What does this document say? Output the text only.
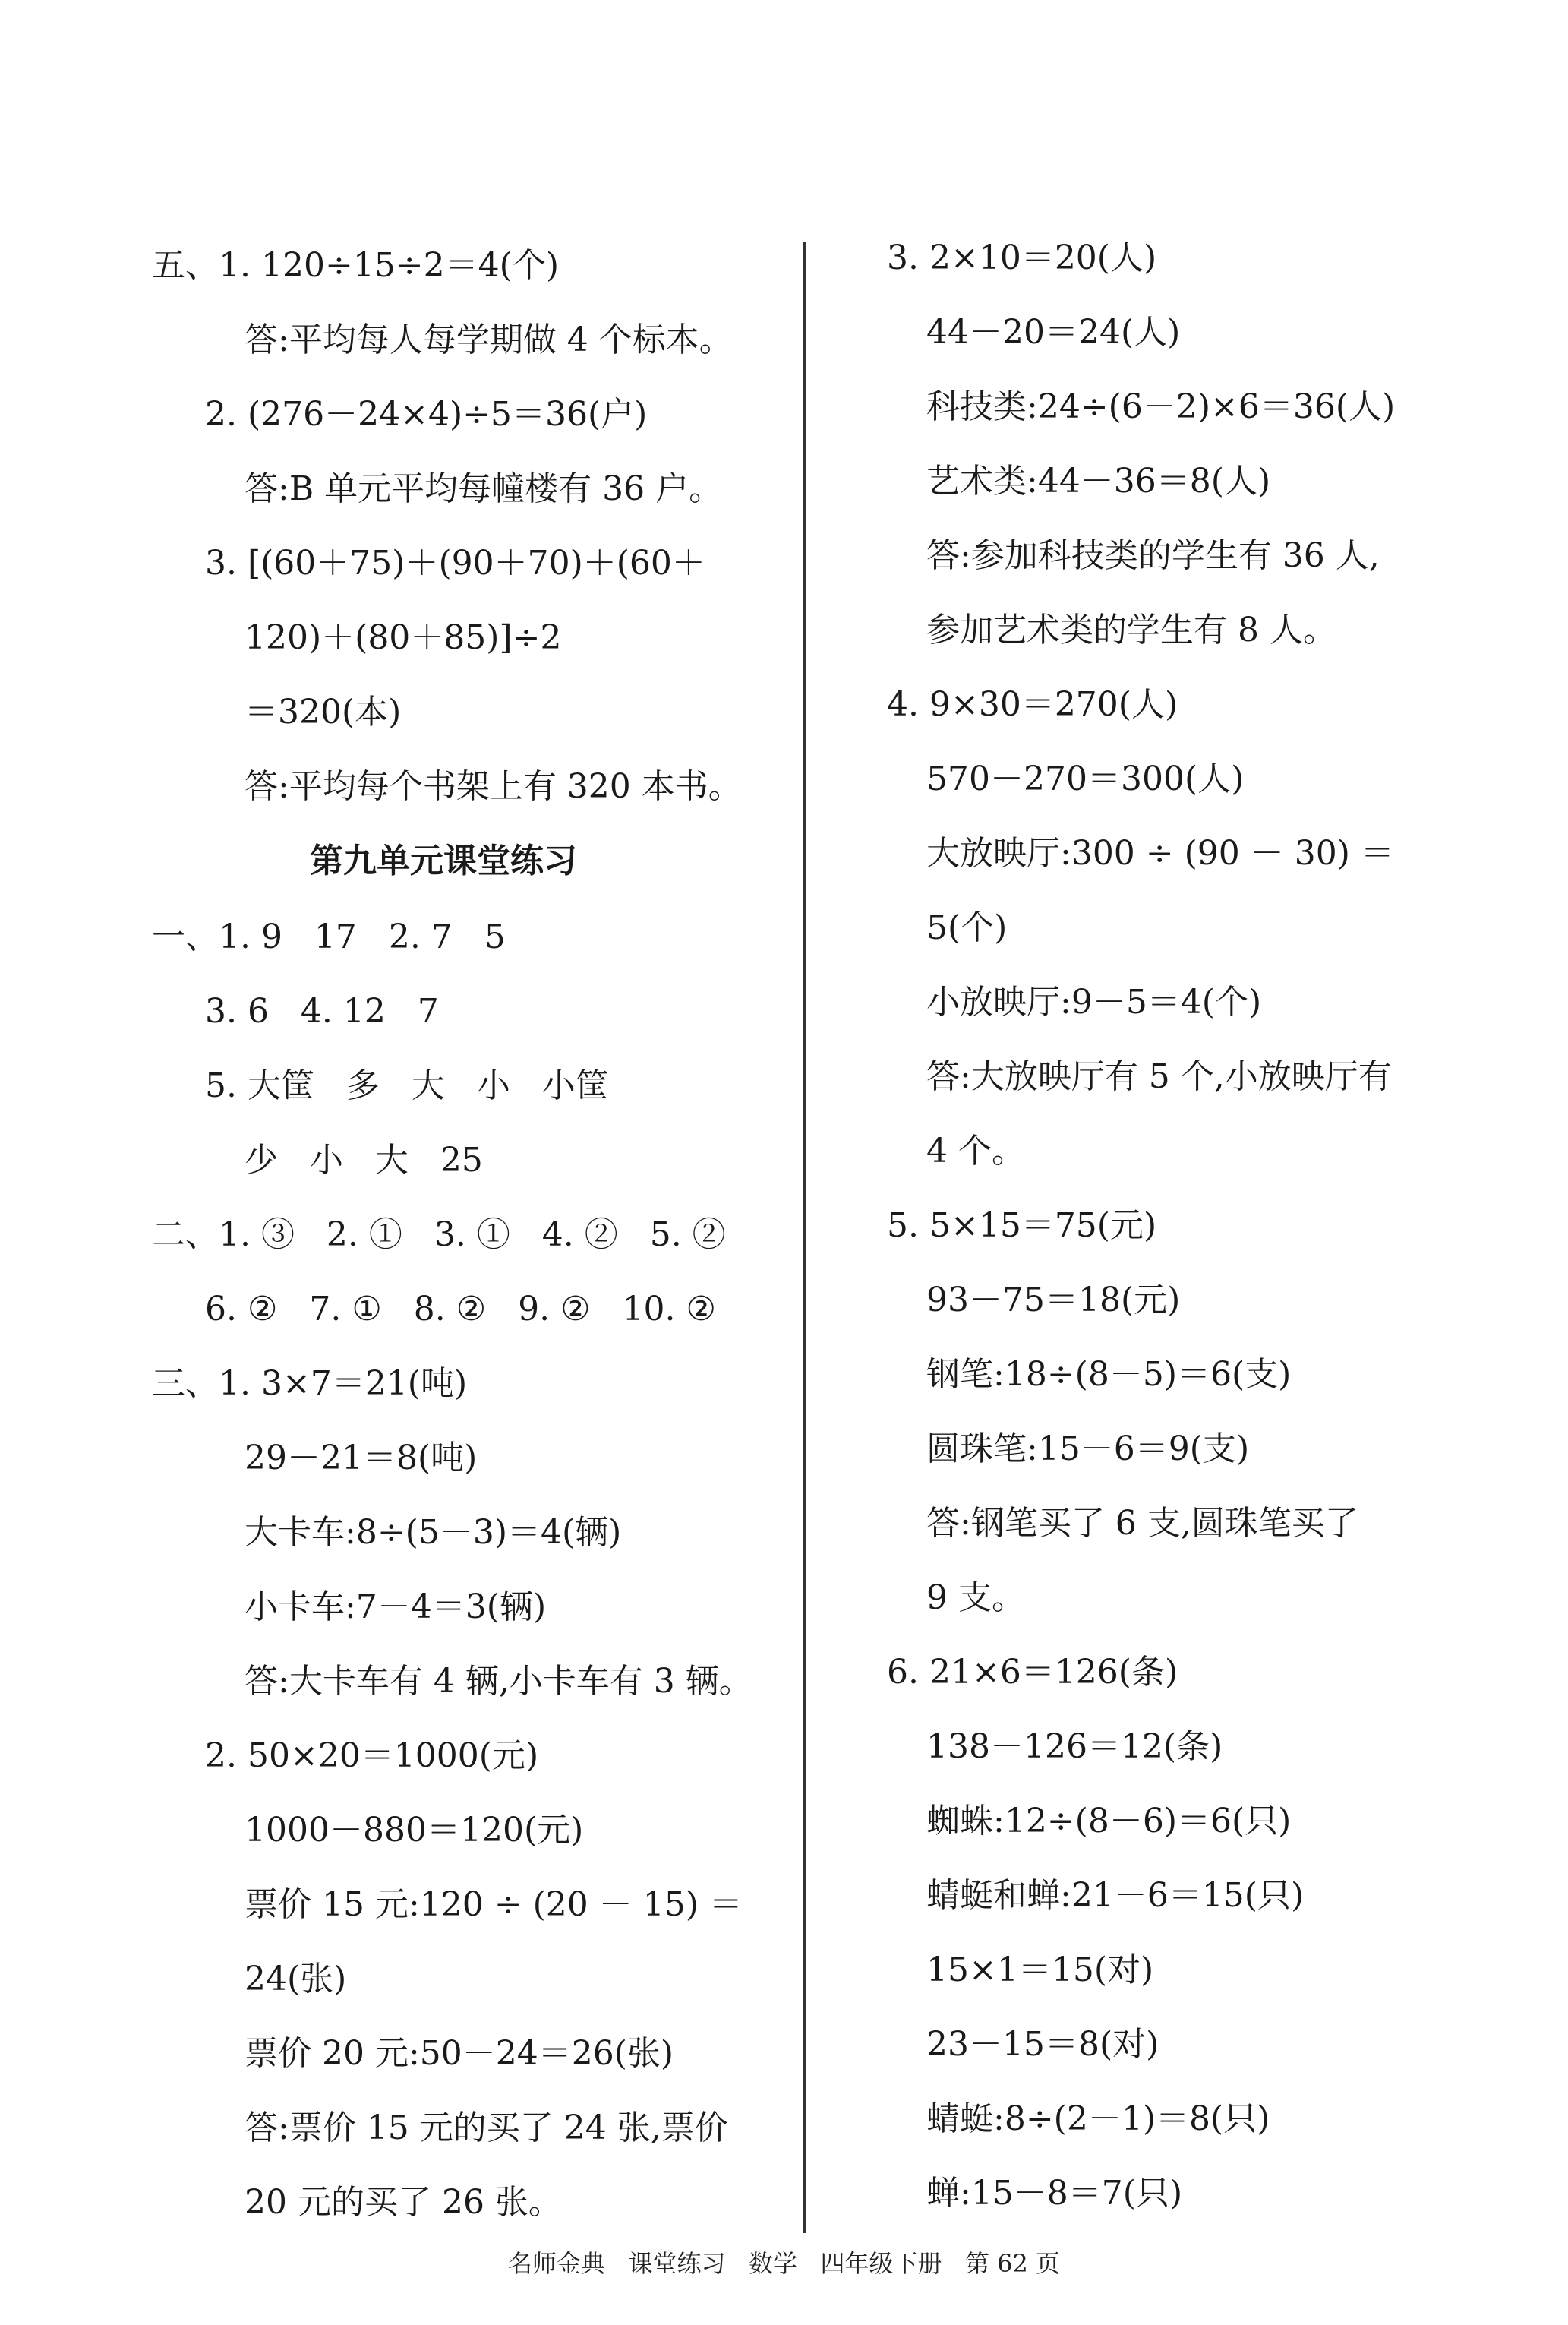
五、1. 120÷15÷2＝4(个)
答:平均每人每学期做 4 个标本。
2. (276－24×4)÷5＝36(户)
答:B 单元平均每幢楼有 36 户。
3. [(60＋75)＋(90＋70)＋(60＋
120)＋(80＋85)]÷2
＝320(本)
答:平均每个书架上有 320 本书。
第九单元课堂练习
一、1. 9   17   2. 7   5
3. 6   4. 12   7
5. 大筐   多   大   小   小筐
少   小   大   25
二、1. ③   2. ①   3. ①   4. ②   5. ②
6. ②   7. ①   8. ②   9. ②   10. ②
三、1. 3×7＝21(吨)
29－21＝8(吨)
大卡车:8÷(5－3)＝4(辆)
小卡车:7－4＝3(辆)
答:大卡车有 4 辆,小卡车有 3 辆。
2. 50×20＝1000(元)
1000－880＝120(元)
票价 15 元:120 ÷ (20 － 15) ＝
24(张)
票价 20 元:50－24＝26(张)
答:票价 15 元的买了 24 张,票价
20 元的买了 26 张。
3. 2×10＝20(人)
44－20＝24(人)
科技类:24÷(6－2)×6＝36(人)
艺术类:44－36＝8(人)
答:参加科技类的学生有 36 人,
参加艺术类的学生有 8 人。
4. 9×30＝270(人)
570－270＝300(人)
大放映厅:300 ÷ (90 － 30) ＝
5(个)
小放映厅:9－5＝4(个)
答:大放映厅有 5 个,小放映厅有
4 个。
5. 5×15＝75(元)
93－75＝18(元)
钢笔:18÷(8－5)＝6(支)
圆珠笔:15－6＝9(支)
答:钢笔买了 6 支,圆珠笔买了
9 支。
6. 21×6＝126(条)
138－126＝12(条)
蜘蛛:12÷(8－6)＝6(只)
蜻蜓和蝉:21－6＝15(只)
15×1＝15(对)
23－15＝8(对)
蜻蜓:8÷(2－1)＝8(只)
蝉:15－8＝7(只)
名师金典   课堂练习   数学   四年级下册   第 62 页
